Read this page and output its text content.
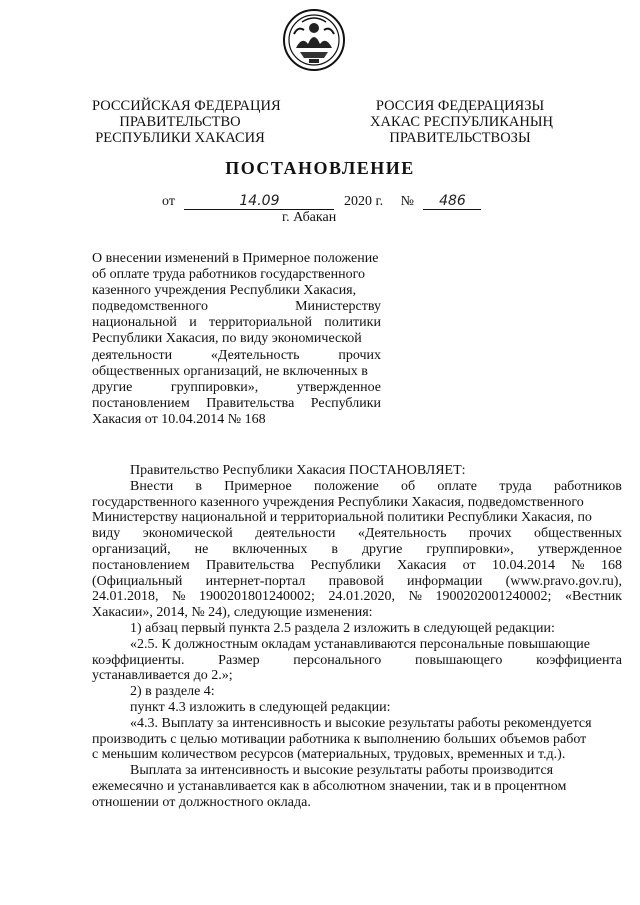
РОССИЙСКАЯ ФЕДЕРАЦИЯ
ПРАВИТЕЛЬСТВО
РЕСПУБЛИКИ ХАКАСИЯ
РОССИЯ ФЕДЕРАЦИЯЗЫ
ХАКАС РЕСПУБЛИКАНЫҢ
ПРАВИТЕЛЬСТВОЗЫ
ПОСТАНОВЛЕНИЕ
от	14.09	2020 г. № 486
г. Абакан
О внесении изменений в Примерное положение
об оплате труда работников государственного
казенного учреждения Республики Хакасия,
подведомственного	Министерству
национальной и территориальной политики
Республики Хакасия, по виду экономической
деятельности	«Деятельность	прочих
общественных организаций, не включенных в
другие	группировки»,	утвержденное
постановлением Правительства Республики
Хакасия от 10.04.2014 № 168
Правительство Республики Хакасия ПОСТАНОВЛЯЕТ:
Внести в Примерное положение об оплате труда работников
государственного казенного учреждения Республики Хакасия, подведомственного
Министерству национальной и территориальной политики Республики Хакасия, по
виду экономической деятельности «Деятельность прочих общественных
организаций, не включенных в другие группировки», утвержденное
постановлением Правительства Республики Хакасия от 10.04.2014 № 168
(Официальный интернет-портал правовой информации (www.pravo.gov.ru),
24.01.2018, № 1900201801240002; 24.01.2020, № 1900202001240002; «Вестник
Хакасии», 2014, № 24), следующие изменения:
1) абзац первый пункта 2.5 раздела 2 изложить в следующей редакции:
«2.5. К должностным окладам устанавливаются персональные повышающие
коэффициенты. Размер персонального повышающего коэффициента
устанавливается до 2.»;
2) в разделе 4:
пункт 4.3 изложить в следующей редакции:
«4.3. Выплату за интенсивность и высокие результаты работы рекомендуется
производить с целью мотивации работника к выполнению больших объемов работ
с меньшим количеством ресурсов (материальных, трудовых, временных и т.д.).
Выплата за интенсивность и высокие результаты работы производится
ежемесячно и устанавливается как в абсолютном значении, так и в процентном
отношении от должностного оклада.
